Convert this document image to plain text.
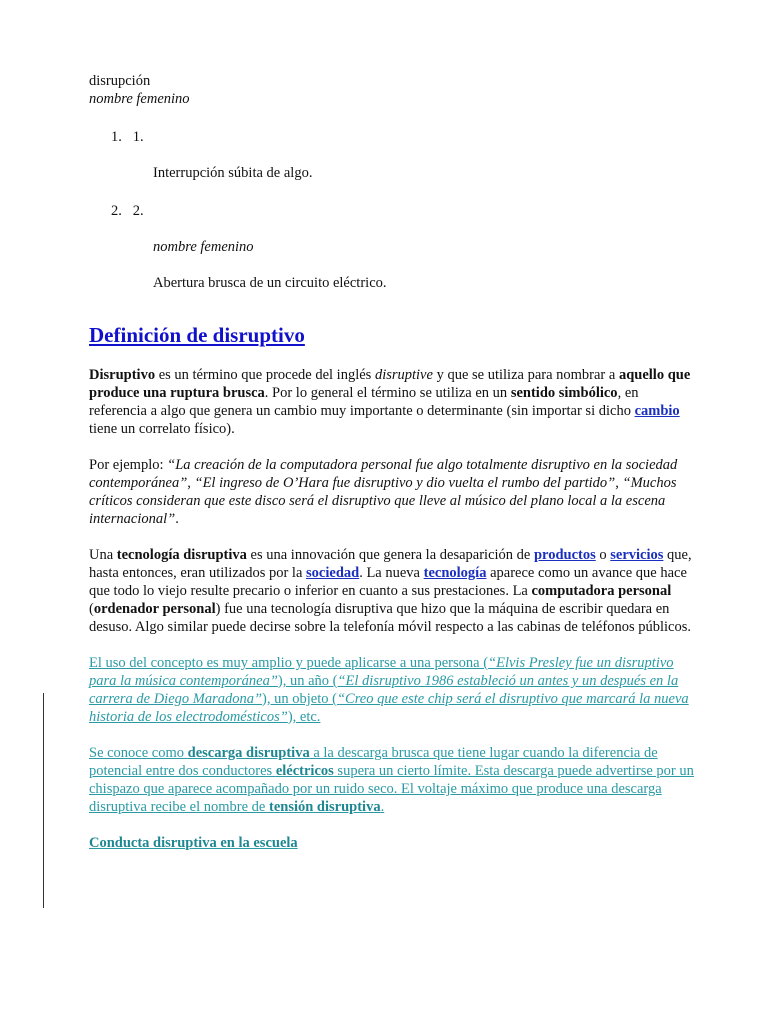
disrupción

nombre femenino

1. 1.
Interrupción súbita de algo.
2. 2.
nombre femenino
Abertura brusca de un circuito eléctrico.
Definición de disruptivo

Disruptivo es un término que procede del inglés disruptive y que se utiliza para nombrar a aquello que produce una ruptura brusca. Por lo general el término se utiliza en un sentido simbólico, en referencia a algo que genera un cambio muy importante o determinante (sin importar si dicho cambio tiene un correlato físico).

Por ejemplo: “La creación de la computadora personal fue algo totalmente disruptivo en la sociedad contemporánea”, “El ingreso de O’Hara fue disruptivo y dio vuelta el rumbo del partido”, “Muchos críticos consideran que este disco será el disruptivo que lleve al músico del plano local a la escena internacional”.

Una tecnología disruptiva es una innovación que genera la desaparición de productos o servicios que, hasta entonces, eran utilizados por la sociedad. La nueva tecnología aparece como un avance que hace que todo lo viejo resulte precario o inferior en cuanto a sus prestaciones. La computadora personal (ordenador personal) fue una tecnología disruptiva que hizo que la máquina de escribir quedara en desuso. Algo similar puede decirse sobre la telefonía móvil respecto a las cabinas de teléfonos públicos.

El uso del concepto es muy amplio y puede aplicarse a una persona (“Elvis Presley fue un disruptivo para la música contemporánea”), un año (“El disruptivo 1986 estableció un antes y un después en la carrera de Diego Maradona”), un objeto (“Creo que este chip será el disruptivo que marcará la nueva historia de los electrodomésticos”), etc.

Se conoce como descarga disruptiva a la descarga brusca que tiene lugar cuando la diferencia de potencial entre dos conductores eléctricos supera un cierto límite. Esta descarga puede advertirse por un chispazo que aparece acompañado por un ruido seco. El voltaje máximo que produce una descarga disruptiva recibe el nombre de tensión disruptiva.

Conducta disruptiva en la escuela
